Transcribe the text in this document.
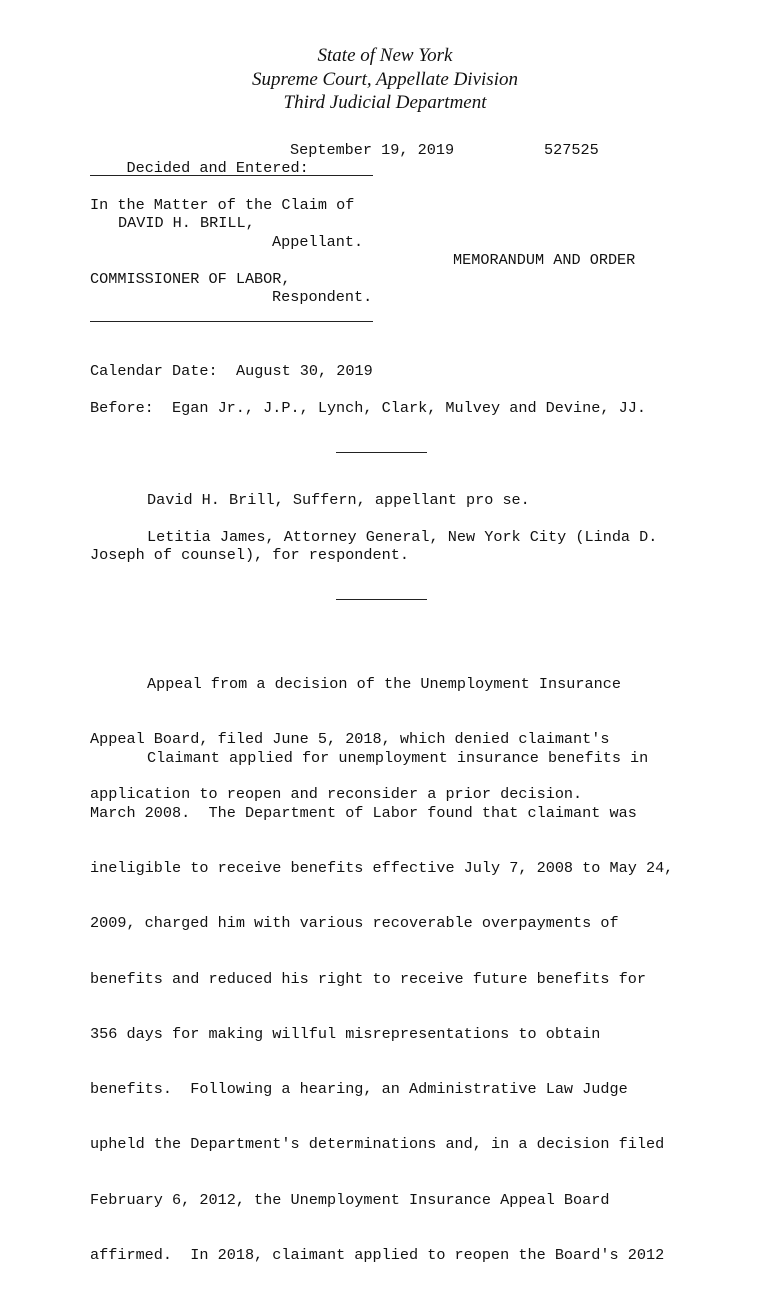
State of New York
Supreme Court, Appellate Division
Third Judicial Department

Decided and Entered:

September 19, 2019	527525
In the Matter of the Claim of
DAVID H. BRILL,
Appellant.
MEMORANDUM AND ORDER
COMMISSIONER OF LABOR,
Respondent.
Calendar Date: August 30, 2019
Before: Egan Jr., J.P., Lynch, Clark, Mulvey and Devine, JJ.
David H. Brill, Suffern, appellant pro se.
Letitia James, Attorney General, New York City (Linda D.
Joseph of counsel), for respondent.

Appeal from a decision of the Unemployment Insurance

Appeal Board, filed June 5, 2018, which denied claimant's

application to reopen and reconsider a prior decision.

Claimant applied for unemployment insurance benefits in

March 2008.  The Department of Labor found that claimant was

ineligible to receive benefits effective July 7, 2008 to May 24,

2009, charged him with various recoverable overpayments of

benefits and reduced his right to receive future benefits for

356 days for making willful misrepresentations to obtain

benefits.  Following a hearing, an Administrative Law Judge

upheld the Department's determinations and, in a decision filed

February 6, 2012, the Unemployment Insurance Appeal Board

affirmed.  In 2018, claimant applied to reopen the Board's 2012
